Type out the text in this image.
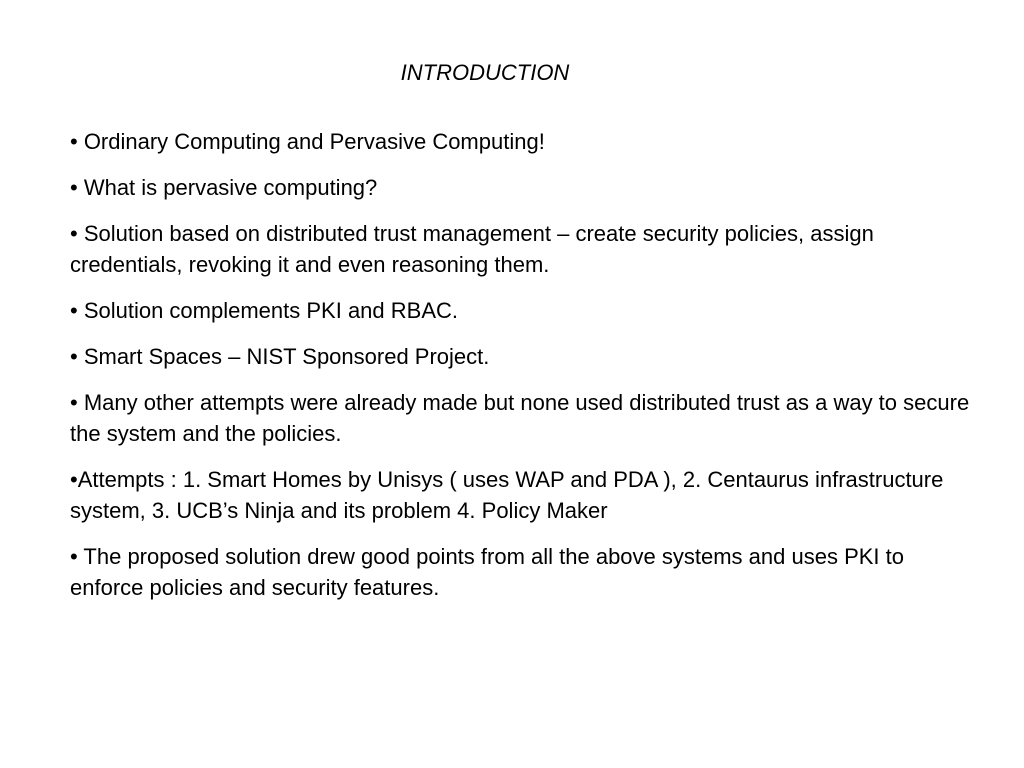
INTRODUCTION
• Ordinary Computing and Pervasive Computing!
• What is pervasive computing?
• Solution based on distributed trust management – create security policies, assign credentials, revoking it and even reasoning them.
• Solution complements PKI and RBAC.
• Smart Spaces – NIST Sponsored Project.
• Many other attempts were already made but none used distributed trust as a way to secure the system and the policies.
•Attempts : 1. Smart Homes by Unisys ( uses WAP and PDA ), 2. Centaurus infrastructure system, 3. UCB’s Ninja and its problem 4. Policy Maker
• The proposed solution drew good points from all the above systems and uses PKI to enforce policies and security features.
